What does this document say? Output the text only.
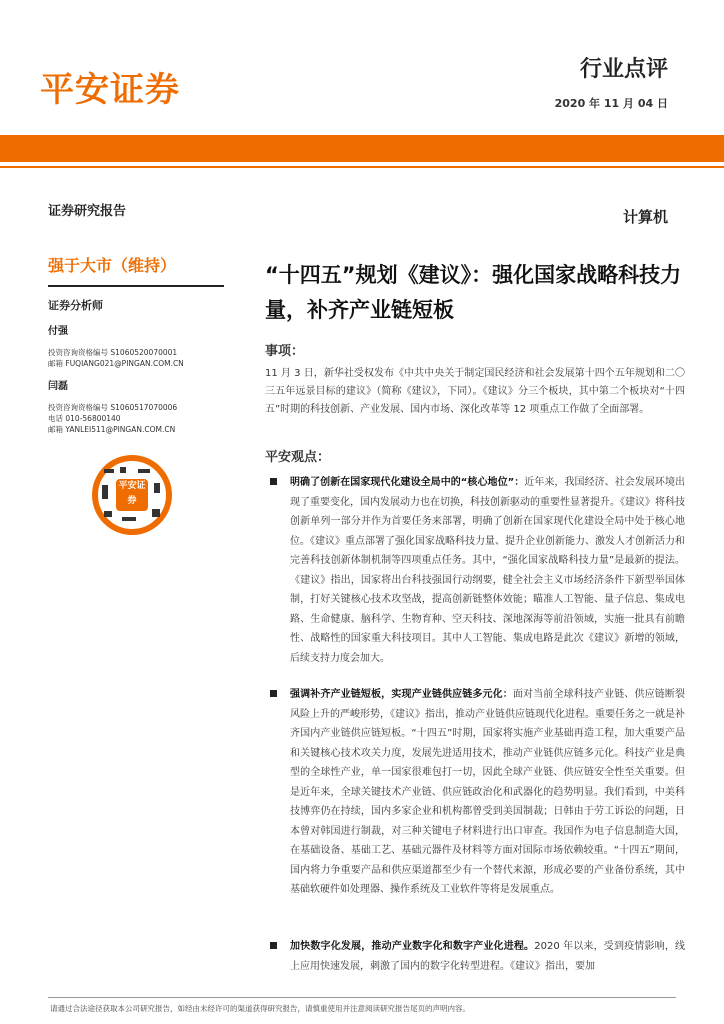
平安证券
行业点评
2020 年 11 月 04 日
证券研究报告
强于大市（维持）
证券分析师
付强
投资咨询资格编号 S1060520070001
邮箱 FUQIANG021@PINGAN.COM.CN
闫磊
投资咨询资格编号 S1060517070006
电话 010-56800140
邮箱 YANLEI511@PINGAN.COM.CN
平安证券
计算机
“十四五”规划《建议》：强化国家战略科技力量，补齐产业链短板
事项：
11 月 3 日，新华社受权发布《中共中央关于制定国民经济和社会发展第十四个五年规划和二〇三五年远景目标的建议》（简称《建议》，下同）。《建议》分三个板块，其中第二个板块对“十四五”时期的科技创新、产业发展、国内市场、深化改革等 12 项重点工作做了全面部署。
平安观点：
明确了创新在国家现代化建设全局中的“核心地位”：近年来，我国经济、社会发展环境出现了重要变化，国内发展动力也在切换，科技创新驱动的重要性显著提升。《建议》将科技创新单列一部分并作为首要任务来部署，明确了创新在国家现代化建设全局中处于核心地位。《建议》重点部署了强化国家战略科技力量、提升企业创新能力、激发人才创新活力和完善科技创新体制机制等四项重点任务。其中，“强化国家战略科技力量”是最新的提法。《建议》指出，国家将出台科技强国行动纲要，健全社会主义市场经济条件下新型举国体制，打好关键核心技术攻坚战，提高创新链整体效能；瞄准人工智能、量子信息、集成电路、生命健康、脑科学、生物育种、空天科技、深地深海等前沿领域，实施一批具有前瞻性、战略性的国家重大科技项目。其中人工智能、集成电路是此次《建议》新增的领域，后续支持力度会加大。
强调补齐产业链短板，实现产业链供应链多元化：面对当前全球科技产业链、供应链断裂风险上升的严峻形势，《建议》指出，推动产业链供应链现代化进程。重要任务之一就是补齐国内产业链供应链短板。“十四五”时期，国家将实施产业基础再造工程，加大重要产品和关键核心技术攻关力度，发展先进适用技术，推动产业链供应链多元化。科技产业是典型的全球性产业，单一国家很难包打一切，因此全球产业链、供应链安全性至关重要。但是近年来，全球关键技术产业链、供应链政治化和武器化的趋势明显。我们看到，中美科技博弈仍在持续，国内多家企业和机构都曾受到美国制裁；日韩由于劳工诉讼的问题，日本曾对韩国进行制裁，对三种关键电子材料进行出口审查。我国作为电子信息制造大国，在基础设备、基础工艺、基础元器件及材料等方面对国际市场依赖较重。“十四五”期间，国内将力争重要产品和供应渠道都至少有一个替代来源，形成必要的产业备份系统，其中基础软硬件如处理器、操作系统及工业软件等将是发展重点。
加快数字化发展，推动产业数字化和数字产业化进程。2020 年以来，受到疫情影响，线上应用快速发展，刺激了国内的数字化转型进程。《建议》指出，要加
请通过合法途径获取本公司研究报告，如经由未经许可的渠道获得研究报告，请慎重使用并注意阅读研究报告尾页的声明内容。
